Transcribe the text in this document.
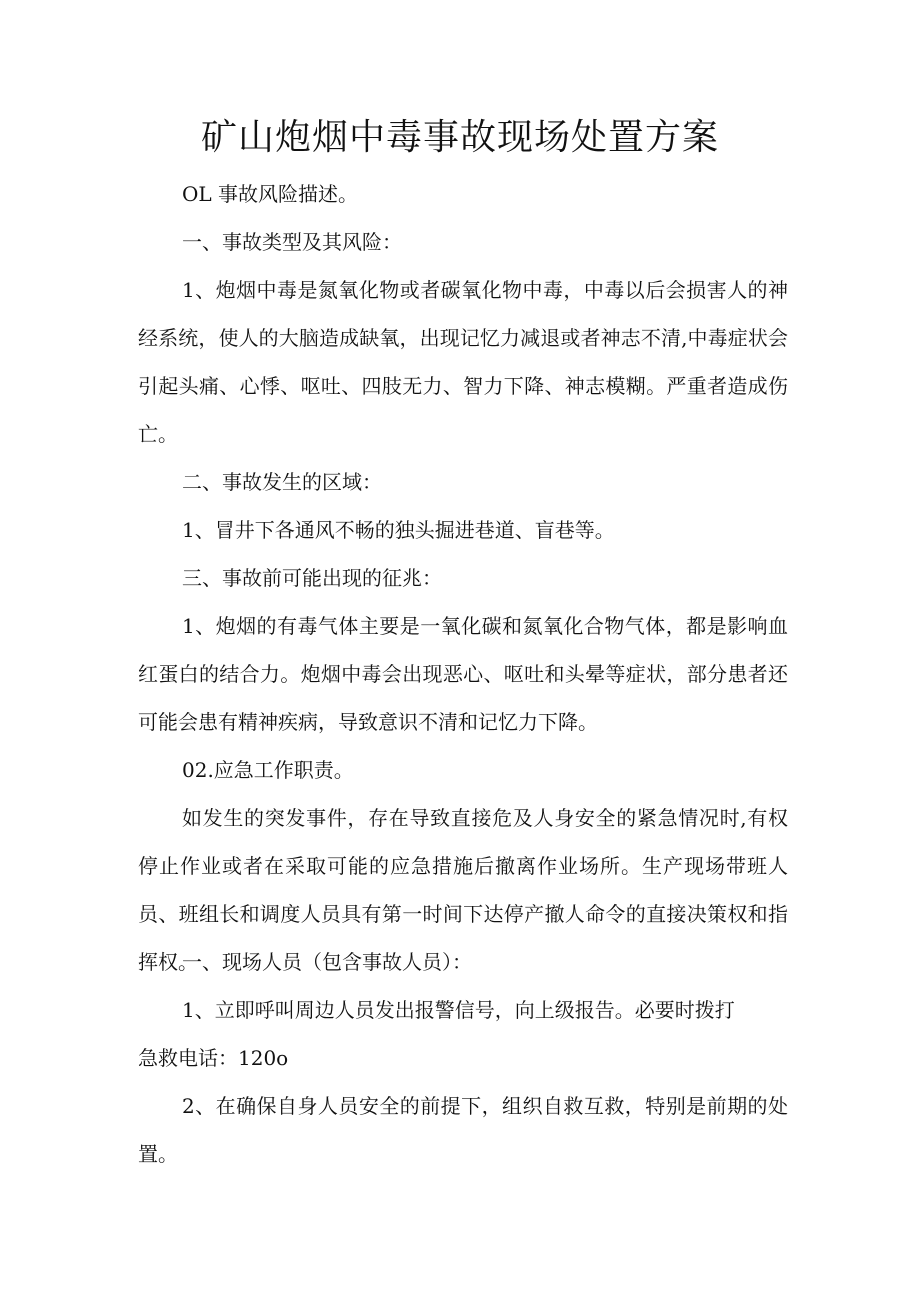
矿山炮烟中毒事故现场处置方案
OL 事故风险描述。
一、事故类型及其风险：
1、炮烟中毒是氮氧化物或者碳氧化物中毒，中毒以后会损害人的神经系统，使人的大脑造成缺氧，出现记忆力减退或者神志不清,中毒症状会引起头痛、心悸、呕吐、四肢无力、智力下降、神志模糊。严重者造成伤亡。
二、事故发生的区域：
1、冒井下各通风不畅的独头掘进巷道、盲巷等。
三、事故前可能出现的征兆：
1、炮烟的有毒气体主要是一氧化碳和氮氧化合物气体，都是影响血红蛋白的结合力。炮烟中毒会出现恶心、呕吐和头晕等症状，部分患者还可能会患有精神疾病，导致意识不清和记忆力下降。
02.应急工作职责。
如发生的突发事件，存在导致直接危及人身安全的紧急情况时,有权停止作业或者在采取可能的应急措施后撤离作业场所。生产现场带班人员、班组长和调度人员具有第一时间下达停产撤人命令的直接决策权和指挥权。
一、现场人员（包含事故人员）：
1、立即呼叫周边人员发出报警信号，向上级报告。必要时拨打
急救电话：120o
2、在确保自身人员安全的前提下，组织自救互救，特别是前期的处置。
